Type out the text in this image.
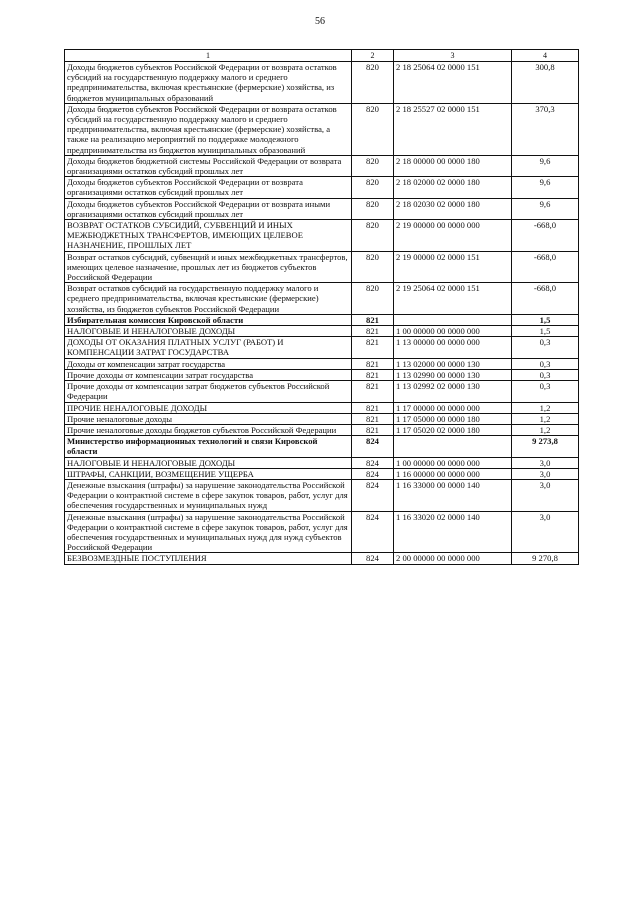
56
1	2	3	4
Доходы бюджетов субъектов Российской Федерации от возврата остатков субсидий на государственную поддержку малого и среднего предпринимательства, включая крестьянские (фермерские) хозяйства, из бюджетов муниципальных образований	820	2 18 25064 02 0000 151	300,8
Доходы бюджетов субъектов Российской Федерации от возврата остатков субсидий на государственную поддержку малого и среднего предпринимательства, включая крестьянские (фермерские) хозяйства, а также на реализацию мероприятий по поддержке молодежного предпринимательства из бюджетов муниципальных образований	820	2 18 25527 02 0000 151	370,3
Доходы бюджетов бюджетной системы Российской Федерации от возврата организациями остатков субсидий прошлых лет	820	2 18 00000 00 0000 180	9,6
Доходы бюджетов субъектов Российской Федерации от возврата организациями остатков субсидий прошлых лет	820	2 18 02000 02 0000 180	9,6
Доходы бюджетов субъектов Российской Федерации от возврата иными организациями остатков субсидий прошлых лет	820	2 18 02030 02 0000 180	9,6
ВОЗВРАТ ОСТАТКОВ СУБСИДИЙ, СУБВЕНЦИЙ И ИНЫХ МЕЖБЮДЖЕТНЫХ ТРАНСФЕРТОВ, ИМЕЮЩИХ ЦЕЛЕВОЕ НАЗНАЧЕНИЕ, ПРОШЛЫХ ЛЕТ	820	2 19 00000 00 0000 000	-668,0
Возврат остатков субсидий, субвенций и иных межбюджетных трансфертов, имеющих целевое назначение, прошлых лет из бюджетов субъектов Российской Федерации	820	2 19 00000 02 0000 151	-668,0
Возврат остатков субсидий на государственную поддержку малого и среднего предпринимательства, включая крестьянские (фермерские) хозяйства, из бюджетов субъектов Российской Федерации	820	2 19 25064 02 0000 151	-668,0
Избирательная комиссия Кировской области	821		1,5
НАЛОГОВЫЕ И НЕНАЛОГОВЫЕ ДОХОДЫ	821	1 00 00000 00 0000 000	1,5
ДОХОДЫ ОТ ОКАЗАНИЯ ПЛАТНЫХ УСЛУГ (РАБОТ) И КОМПЕНСАЦИИ ЗАТРАТ ГОСУДАРСТВА	821	1 13 00000 00 0000 000	0,3
Доходы от компенсации затрат государства	821	1 13 02000 00 0000 130	0,3
Прочие доходы от компенсации затрат государства	821	1 13 02990 00 0000 130	0,3
Прочие доходы от компенсации затрат бюджетов субъектов Российской Федерации	821	1 13 02992 02 0000 130	0,3
ПРОЧИЕ НЕНАЛОГОВЫЕ ДОХОДЫ	821	1 17 00000 00 0000 000	1,2
Прочие неналоговые доходы	821	1 17 05000 00 0000 180	1,2
Прочие неналоговые доходы бюджетов субъектов Российской Федерации	821	1 17 05020 02 0000 180	1,2
Министерство информационных технологий и связи Кировской области	824		9 273,8
НАЛОГОВЫЕ И НЕНАЛОГОВЫЕ ДОХОДЫ	824	1 00 00000 00 0000 000	3,0
ШТРАФЫ, САНКЦИИ, ВОЗМЕЩЕНИЕ УЩЕРБА	824	1 16 00000 00 0000 000	3,0
Денежные взыскания (штрафы) за нарушение законодательства Российской Федерации о контрактной системе в сфере закупок товаров, работ, услуг для обеспечения государственных и муниципальных нужд	824	1 16 33000 00 0000 140	3,0
Денежные взыскания (штрафы) за нарушение законодательства Российской Федерации о контрактной системе в сфере закупок товаров, работ, услуг для обеспечения государственных и муниципальных нужд для нужд субъектов Российской Федерации	824	1 16 33020 02 0000 140	3,0
БЕЗВОЗМЕЗДНЫЕ ПОСТУПЛЕНИЯ	824	2 00 00000 00 0000 000	9 270,8
